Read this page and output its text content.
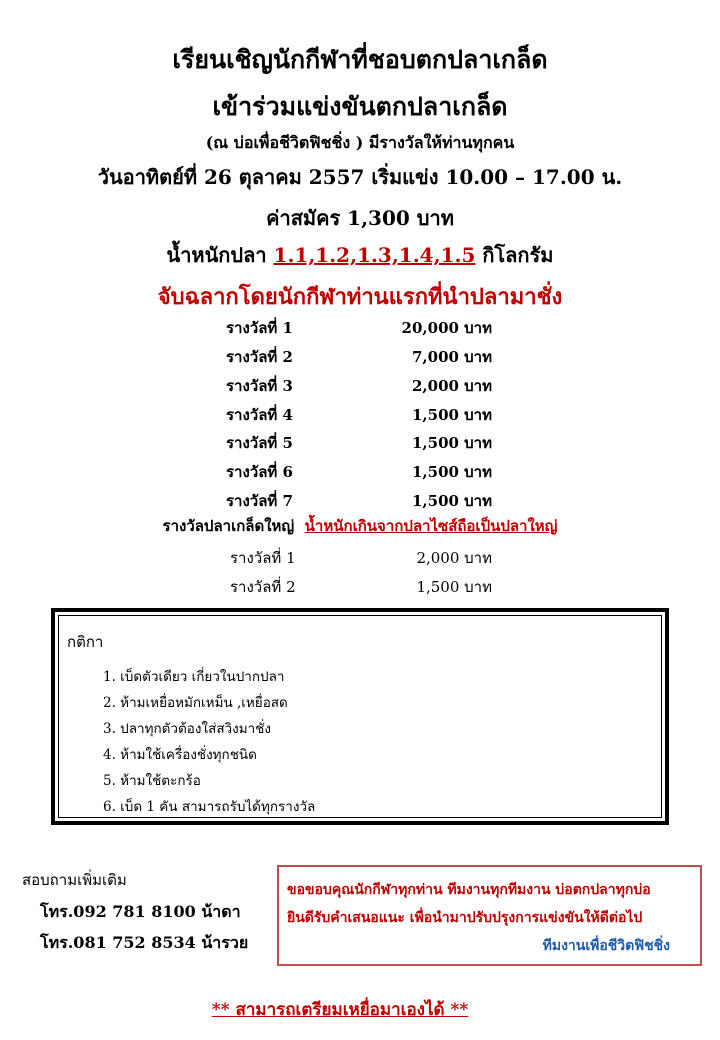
เรียนเชิญนักกีฬาที่ชอบตกปลาเกล็ด
เข้าร่วมแข่งขันตกปลาเกล็ด
(ณ บ่อเพื่อชีวิตฟิชชิ่ง ) มีรางวัลให้ท่านทุกคน
วันอาทิตย์ที่ 26 ตุลาคม 2557 เริ่มแข่ง 10.00 – 17.00 น.
ค่าสมัคร 1,300 บาท
น้ำหนักปลา 1.1,1.2,1.3,1.4,1.5 กิโลกรัม
จับฉลากโดยนักกีฬาท่านแรกที่นำปลามาชั่ง
รางวัลที่ 1	20,000 บาท
รางวัลที่ 2	7,000 บาท
รางวัลที่ 3	2,000 บาท
รางวัลที่ 4	1,500 บาท
รางวัลที่ 5	1,500 บาท
รางวัลที่ 6	1,500 บาท
รางวัลที่ 7	1,500 บาท
รางวัลปลาเกล็ดใหญ่ น้ำหนักเกินจากปลาไซส์ถือเป็นปลาใหญ่
รางวัลที่ 1	2,000 บาท
รางวัลที่ 2	1,500 บาท
กติกา
1. เบ็ดตัวเดียว เกี่ยวในปากปลา
2. ห้ามเหยื่อหมักเหม็น ,เหยื่อสด
3. ปลาทุกตัวต้องใส่สวิงมาชั่ง
4. ห้ามใช้เครื่องชั่งทุกชนิด
5. ห้ามใช้ตะกร้อ
6. เบ็ด 1 คัน สามารถรับได้ทุกรางวัล
สอบถามเพิ่มเติม
โทร.092 781 8100 น้าดา
โทร.081 752 8534 น้ารวย
ขอขอบคุณนักกีฬาทุกท่าน ทีมงานทุกทีมงาน บ่อตกปลาทุกบ่อ
ยินดีรับคำเสนอแนะ เพื่อนำมาปรับปรุงการแข่งขันให้ดีต่อไป
ทีมงานเพื่อชีวิตฟิชชิ่ง
** สามารถเตรียมเหยื่อมาเองได้ **
